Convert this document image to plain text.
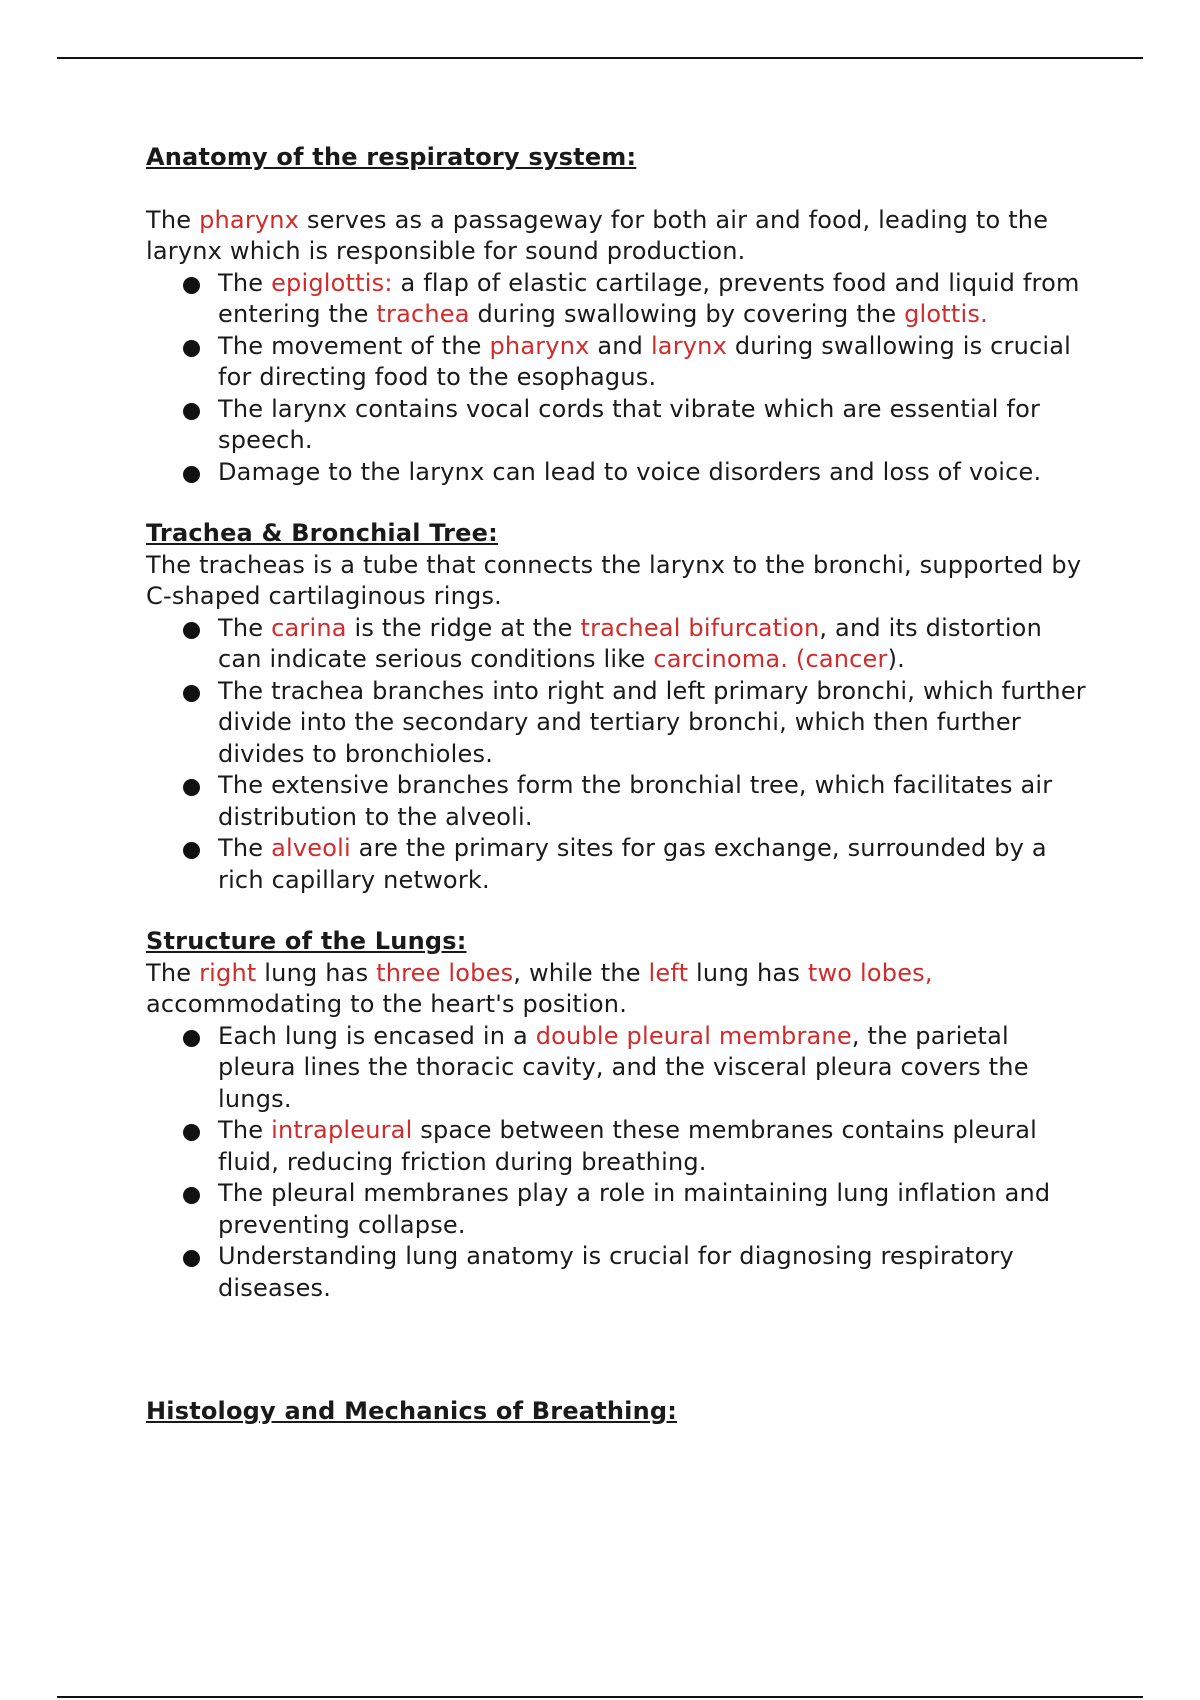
Anatomy of the respiratory system:

The pharynx serves as a passageway for both air and food, leading to the larynx which is responsible for sound production.

The epiglottis: a flap of elastic cartilage, prevents food and liquid from entering the trachea during swallowing by covering the glottis.
The movement of the pharynx and larynx during swallowing is crucial for directing food to the esophagus.
The larynx contains vocal cords that vibrate which are essential for speech.
Damage to the larynx can lead to voice disorders and loss of voice.
Trachea & Bronchial Tree:

The tracheas is a tube that connects the larynx to the bronchi, supported by C-shaped cartilaginous rings.

The carina is the ridge at the tracheal bifurcation, and its distortion can indicate serious conditions like carcinoma. (cancer).
The trachea branches into right and left primary bronchi, which further divide into the secondary and tertiary bronchi, which then further divides to bronchioles.
The extensive branches form the bronchial tree, which facilitates air distribution to the alveoli.
The alveoli are the primary sites for gas exchange, surrounded by a rich capillary network.
Structure of the Lungs:

The right lung has three lobes, while the left lung has two lobes, accommodating to the heart's position.

Each lung is encased in a double pleural membrane, the parietal pleura lines the thoracic cavity, and the visceral pleura covers the lungs.
The intrapleural space between these membranes contains pleural fluid, reducing friction during breathing.
The pleural membranes play a role in maintaining lung inflation and preventing collapse.
Understanding lung anatomy is crucial for diagnosing respiratory diseases.
Histology and Mechanics of Breathing:
